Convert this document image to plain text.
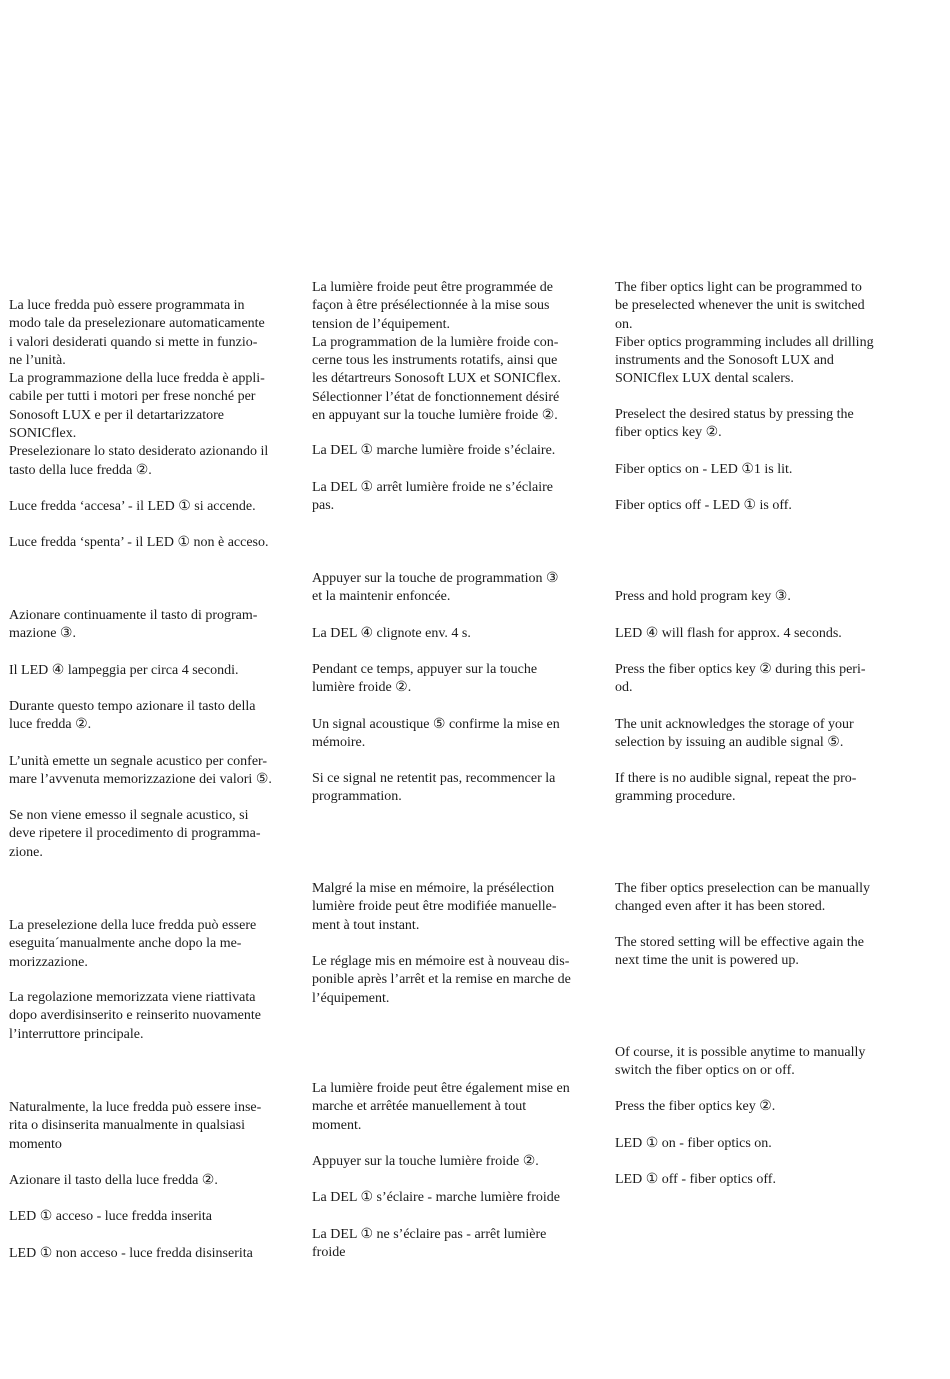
La luce fredda può essere programmata in
modo tale da preselezionare automaticamente
i valori desiderati quando si mette in funzio-
ne l’unità.
La programmazione della luce fredda è appli-
cabile per tutti i motori per frese nonché per
Sonosoft LUX e per il detartarizzatore
SONICflex.
Preselezionare lo stato desiderato azionando il
tasto della luce fredda ②.

Luce fredda ‘accesa’ - il LED ① si accende.

Luce fredda ‘spenta’ - il LED ① non è acceso.

Azionare continuamente il tasto di program-
mazione ③.

Il LED ④ lampeggia per circa 4 secondi.

Durante questo tempo azionare il tasto della
luce fredda ②.

L’unità emette un segnale acustico per confer-
mare l’avvenuta memorizzazione dei valori ⑤.

Se non viene emesso il segnale acustico, si
deve ripetere il procedimento di programma-
zione.

La preselezione della luce fredda può essere
eseguita´manualmente anche dopo la me-
morizzazione.

La regolazione memorizzata viene riattivata
dopo averdisinserito e reinserito nuovamente
l’interruttore principale.

Naturalmente, la luce fredda può essere inse-
rita o disinserita manualmente in qualsiasi
momento

Azionare il tasto della luce fredda ②.

LED ① acceso - luce fredda inserita

LED ① non acceso - luce fredda disinserita

La lumière froide peut être programmée de
façon à être présélectionnée à la mise sous
tension de l’équipement.
La programmation de la lumière froide con-
cerne tous les instruments rotatifs, ainsi que
les détartreurs Sonosoft LUX et SONICflex.
Sélectionner l’état de fonctionnement désiré
en appuyant sur la touche lumière froide ②.

La DEL ① marche lumière froide s’éclaire.

La DEL ① arrêt lumière froide ne s’éclaire
pas.

Appuyer sur la touche de programmation ③
et la maintenir enfoncée.

La DEL ④ clignote env. 4 s.

Pendant ce temps, appuyer sur la touche
lumière froide ②.

Un signal acoustique ⑤ confirme la mise en
mémoire.

Si ce signal ne retentit pas, recommencer la
programmation.

Malgré la mise en mémoire, la présélection
lumière froide peut être modifiée manuelle-
ment à tout instant.

Le réglage mis en mémoire est à nouveau dis-
ponible après l’arrêt et la remise en marche de
l’équipement.

La lumière froide peut être également mise en
marche et arrêtée manuellement à tout
moment.

Appuyer sur la touche lumière froide ②.

La DEL ① s’éclaire - marche lumière froide

La DEL ① ne s’éclaire pas - arrêt lumière
froide

The fiber optics light can be programmed to
be preselected whenever the unit is switched
on.
Fiber optics programming includes all drilling
instruments and the Sonosoft LUX and
SONICflex LUX dental scalers.

Preselect the desired status by pressing the
fiber optics key ②.

Fiber optics on - LED ①1 is lit.

Fiber optics off - LED ① is off.

Press and hold program key ③.

LED ④ will flash for approx. 4 seconds.

Press the fiber optics key ② during this peri-
od.

The unit acknowledges the storage of your
selection by issuing an audible signal ⑤.

If there is no audible signal, repeat the pro-
gramming procedure.

The fiber optics preselection can be manually
changed even after it has been stored.

The stored setting will be effective again the
next time the unit is powered up.

Of course, it is possible anytime to manually
switch the fiber optics on or off.

Press the fiber optics key ②.

LED ① on - fiber optics on.

LED ① off - fiber optics off.
